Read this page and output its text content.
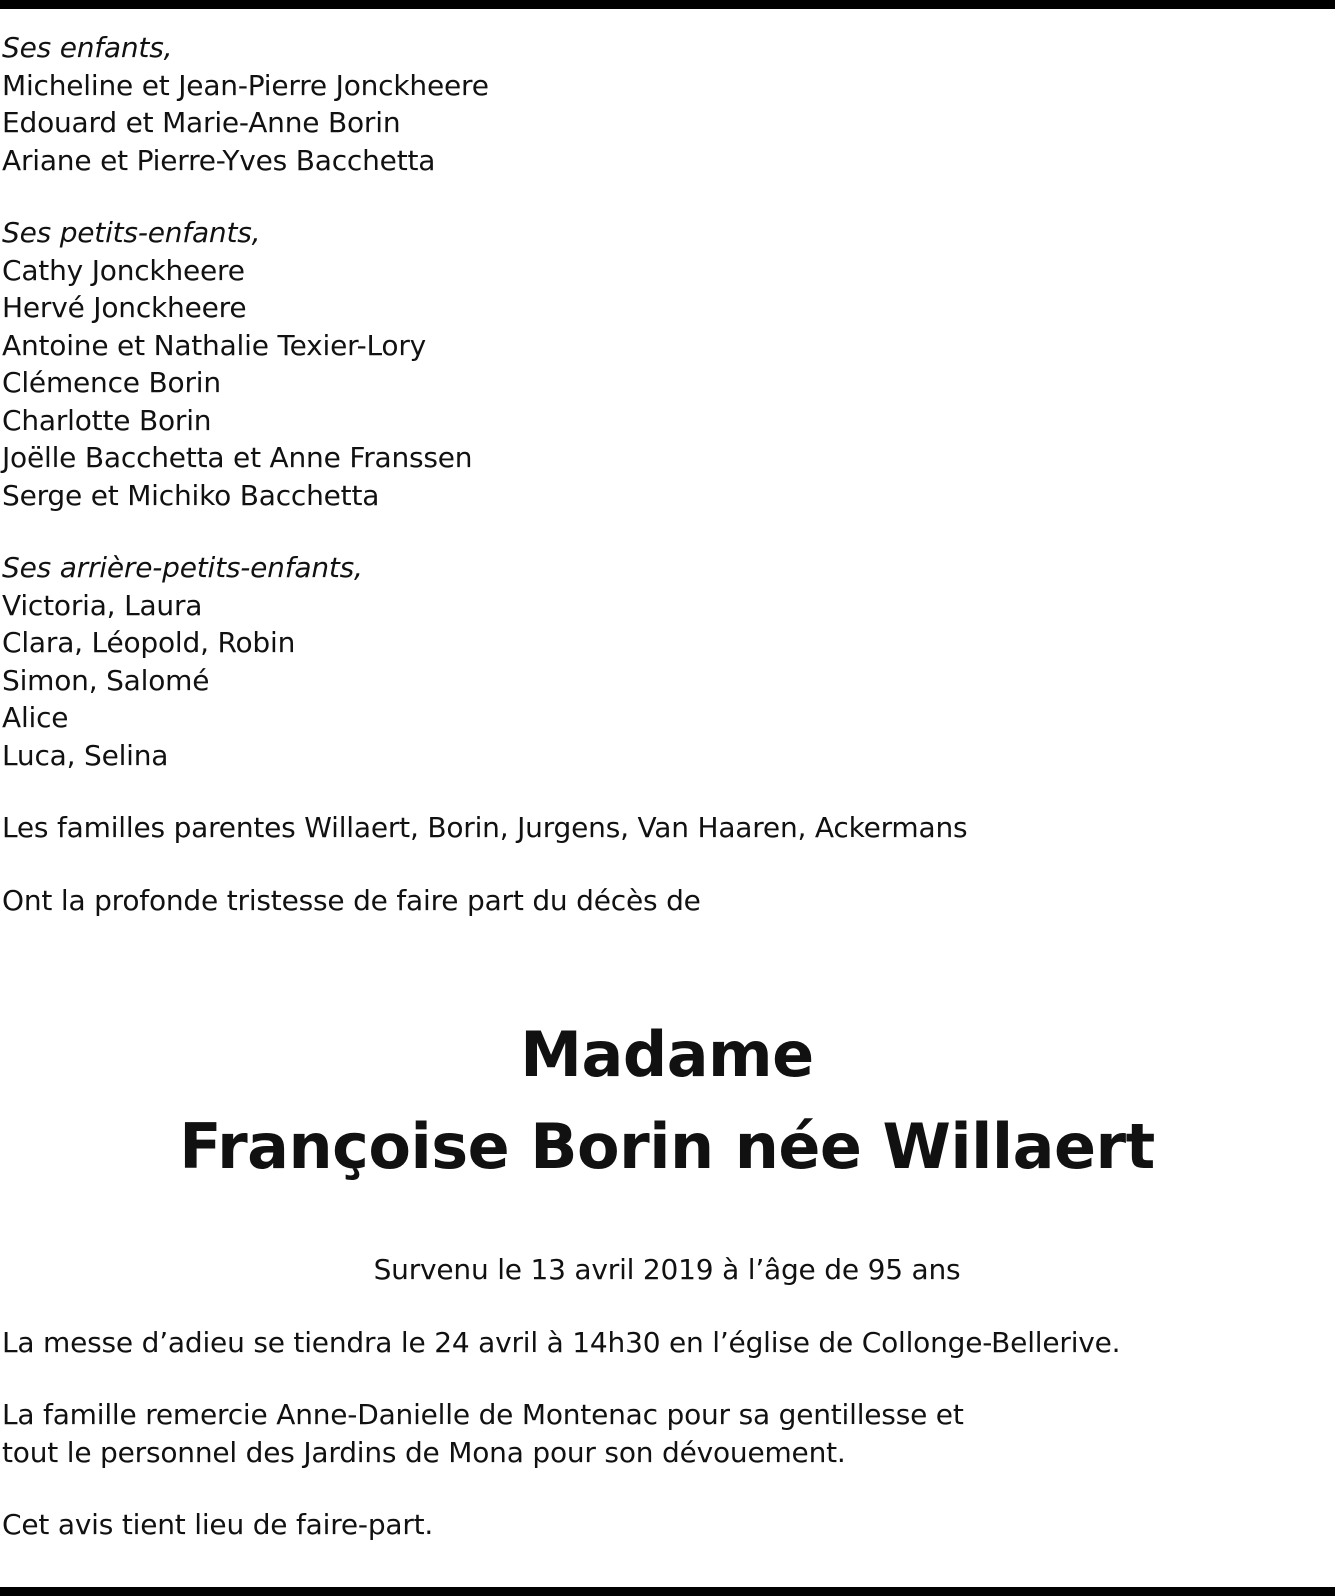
Ses enfants,
Micheline et Jean-Pierre Jonckheere
Edouard et Marie-Anne Borin
Ariane et Pierre-Yves Bacchetta
Ses petits-enfants,
Cathy Jonckheere
Hervé Jonckheere
Antoine et Nathalie Texier-Lory
Clémence Borin
Charlotte Borin
Joëlle Bacchetta et Anne Franssen
Serge et Michiko Bacchetta
Ses arrière-petits-enfants,
Victoria, Laura
Clara, Léopold, Robin
Simon, Salomé
Alice
Luca, Selina
Les familles parentes Willaert, Borin, Jurgens, Van Haaren, Ackermans
Ont la profonde tristesse de faire part du décès de
Madame
Françoise Borin née Willaert
Survenu le 13 avril 2019 à l’âge de 95 ans
La messe d’adieu se tiendra le 24 avril à 14h30 en l’église de Collonge-Bellerive.
La famille remercie Anne-Danielle de Montenac pour sa gentillesse et
tout le personnel des Jardins de Mona pour son dévouement.
Cet avis tient lieu de faire-part.
